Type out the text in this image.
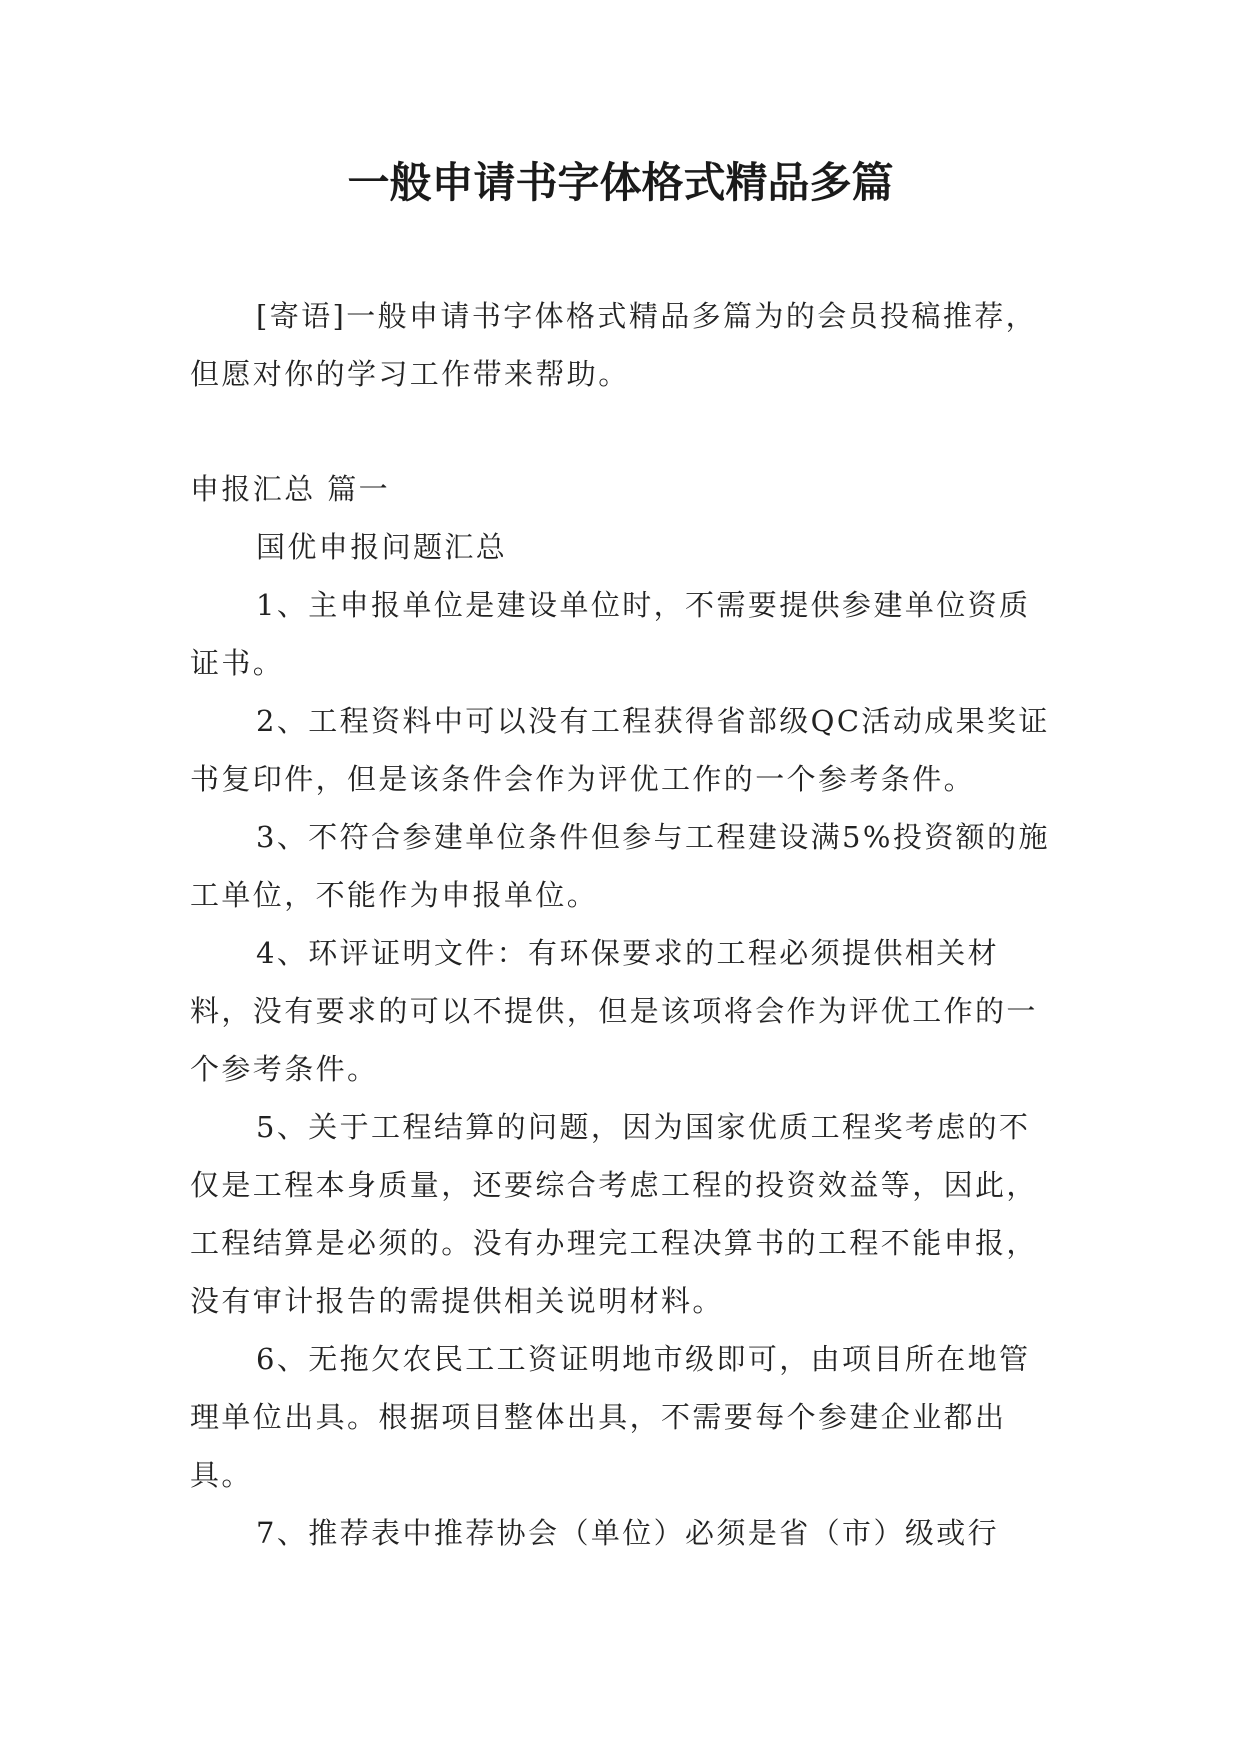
一般申请书字体格式精品多篇

[寄语]一般申请书字体格式精品多篇为的会员投稿推荐，但愿对你的学习工作带来帮助。

申报汇总 篇一

国优申报问题汇总

1、主申报单位是建设单位时，不需要提供参建单位资质证书。

2、工程资料中可以没有工程获得省部级QC活动成果奖证书复印件，但是该条件会作为评优工作的一个参考条件。

3、不符合参建单位条件但参与工程建设满5%投资额的施工单位，不能作为申报单位。

4、环评证明文件：有环保要求的工程必须提供相关材料，没有要求的可以不提供，但是该项将会作为评优工作的一个参考条件。

5、关于工程结算的问题，因为国家优质工程奖考虑的不仅是工程本身质量，还要综合考虑工程的投资效益等，因此，工程结算是必须的。没有办理完工程决算书的工程不能申报，没有审计报告的需提供相关说明材料。

6、无拖欠农民工工资证明地市级即可，由项目所在地管理单位出具。根据项目整体出具，不需要每个参建企业都出具。

7、推荐表中推荐协会（单位）必须是省（市）级或行
